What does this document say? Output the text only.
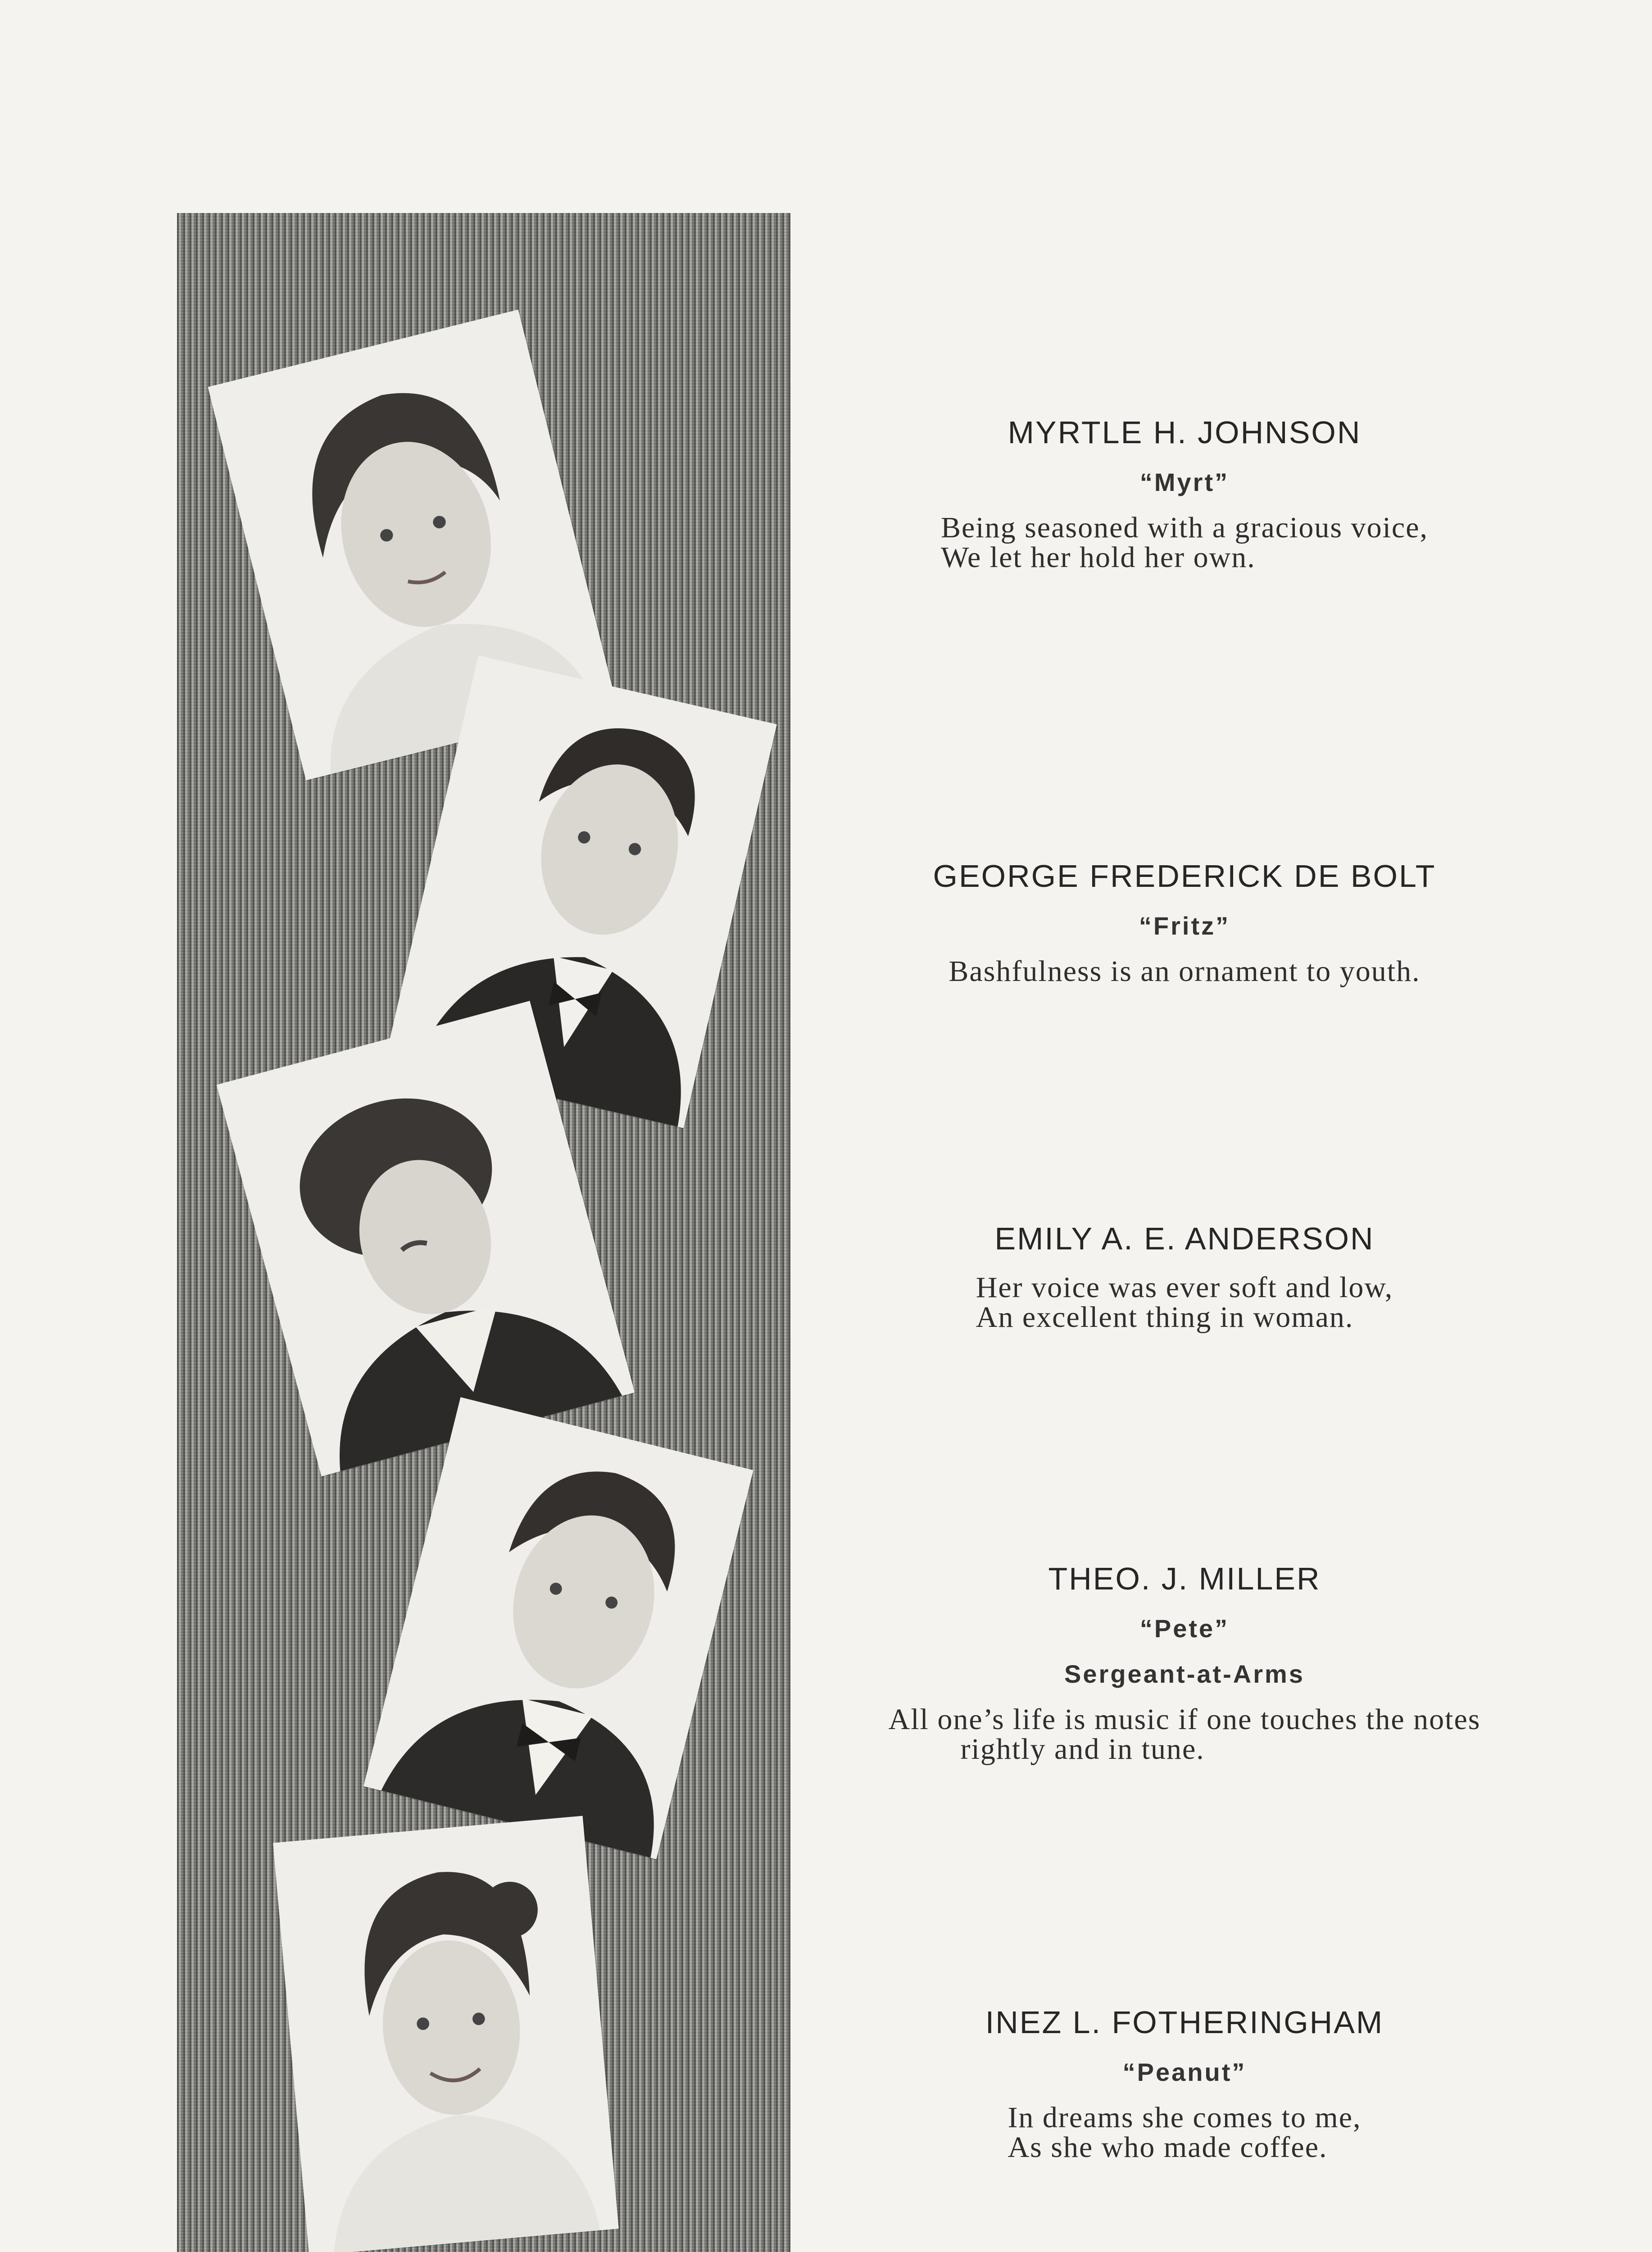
MYRTLE H. JOHNSON
“Myrt”
Being seasoned with a gracious voice,
We let her hold her own.
GEORGE FREDERICK DE BOLT
“Fritz”
Bashfulness is an ornament to youth.
EMILY A. E. ANDERSON
Her voice was ever soft and low,
An excellent thing in woman.
THEO. J. MILLER
“Pete”
Sergeant-at-Arms
All one’s life is music if one touches the notes
rightly and in tune.
INEZ L. FOTHERINGHAM
“Peanut”
In dreams she comes to me,
As she who made coffee.
